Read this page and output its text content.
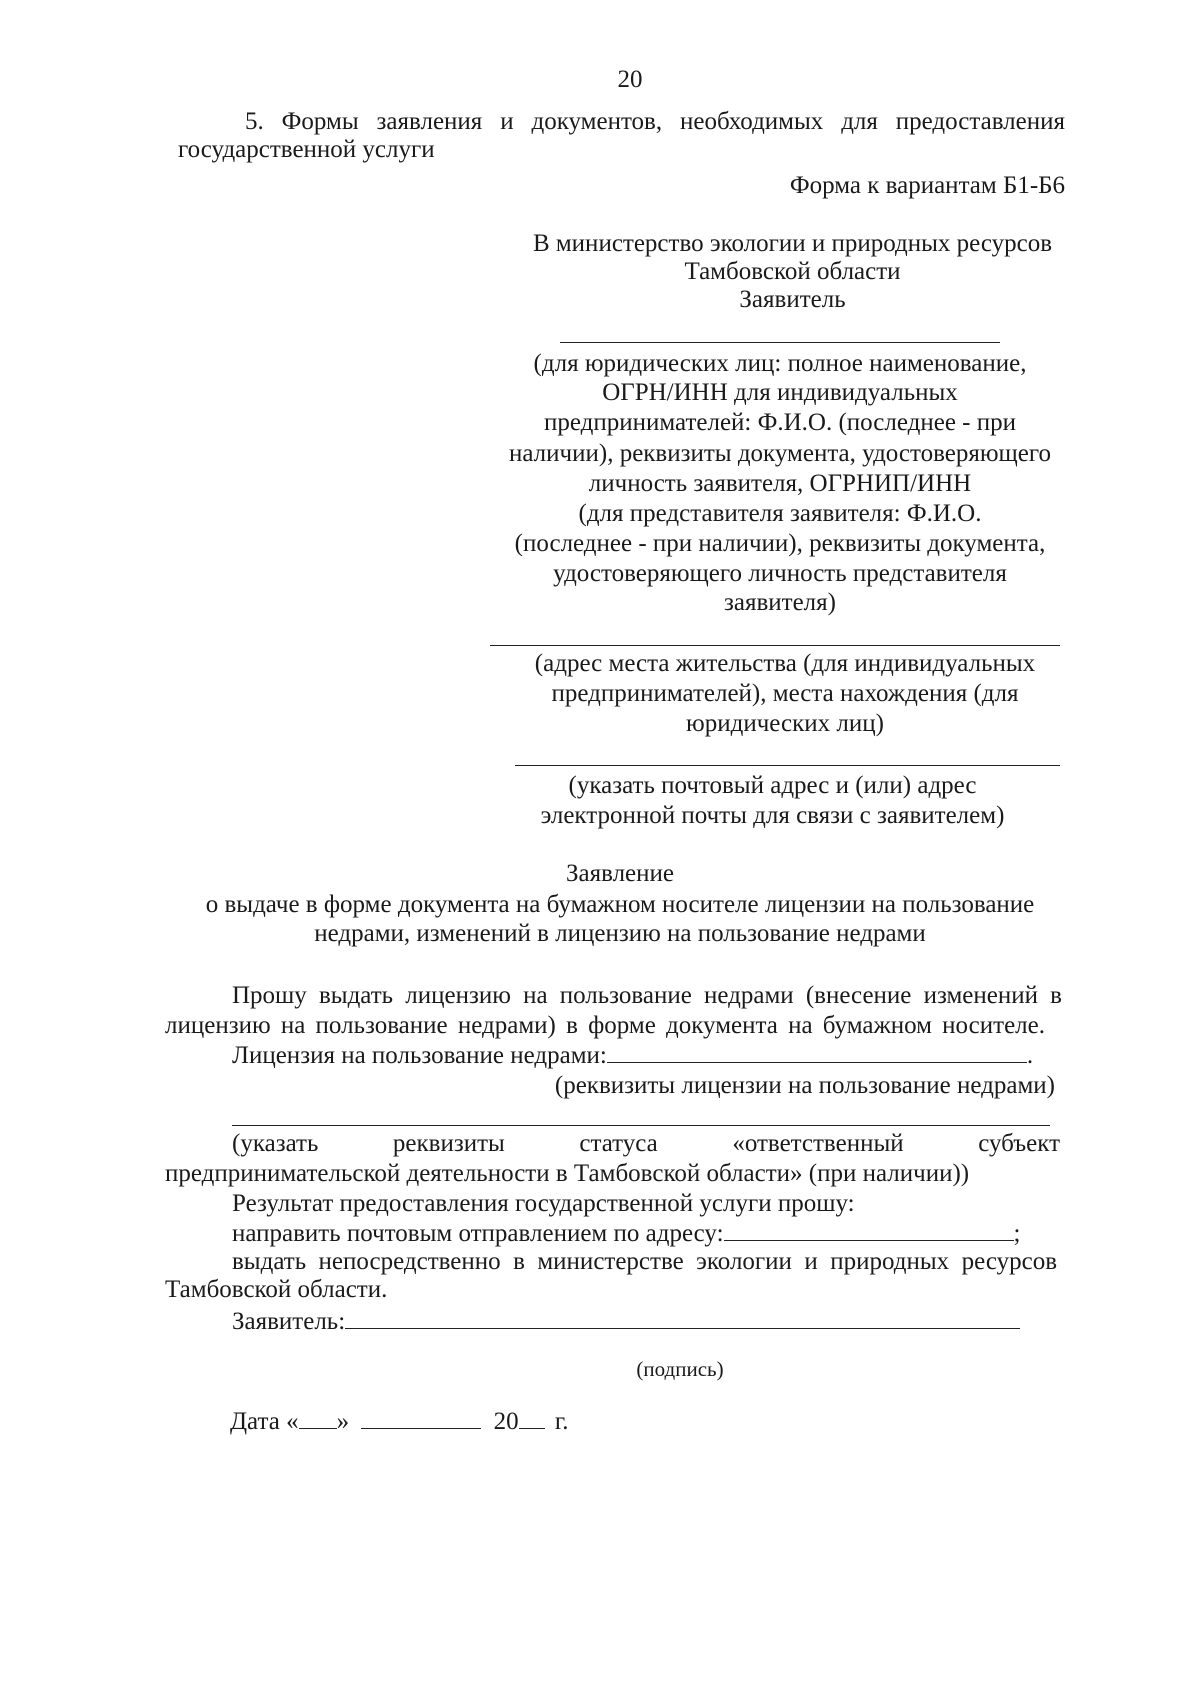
20
5. Формы заявления и документов, необходимых для предоставления
государственной услуги
Форма к вариантам Б1-Б6
В министерство экологии и природных ресурсов
Тамбовской области
Заявитель
(для юридических лиц: полное наименование,
ОГРН/ИНН для индивидуальных
предпринимателей: Ф.И.О. (последнее - при
наличии), реквизиты документа, удостоверяющего
личность заявителя, ОГРНИП/ИНН
(для представителя заявителя: Ф.И.О.
(последнее - при наличии), реквизиты документа,
удостоверяющего личность представителя
заявителя)
(адрес места жительства (для индивидуальных
предпринимателей), места нахождения (для
юридических лиц)
(указать почтовый адрес и (или) адрес
электронной почты для связи с заявителем)
Заявление
о выдаче в форме документа на бумажном носителе лицензии на пользование
недрами, изменений в лицензию на пользование недрами
Прошу выдать лицензию на пользование недрами (внесение изменений в
лицензию на пользование недрами) в форме документа на бумажном носителе.
Лицензия на пользование недрами:	.
(реквизиты лицензии на пользование недрами)
(указать реквизиты статуса «ответственный субъект
предпринимательской деятельности в Тамбовской области» (при наличии))
Результат предоставления государственной услуги прошу:
направить почтовым отправлением по адресу:	;
выдать непосредственно в министерстве экологии и природных ресурсов
Тамбовской области.
Заявитель:
(подпись)
Дата « »	20 г.
